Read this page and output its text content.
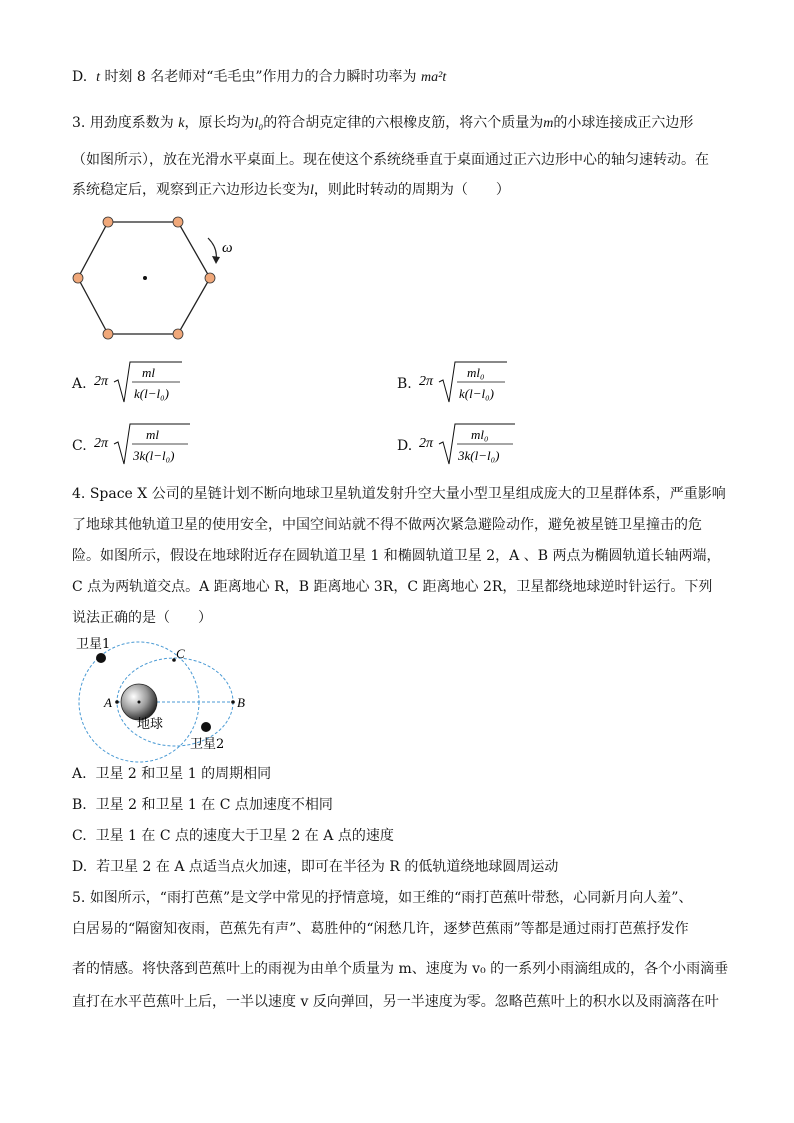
D. t 时刻 8 名老师对“毛毛虫”作用力的合力瞬时功率为 ma²t
3. 用劲度系数为 k，原长均为l₀的符合胡克定律的六根橡皮筋，将六个质量为m的小球连接成正六边形
（如图所示），放在光滑水平桌面上。现在使这个系统绕垂直于桌面通过正六边形中心的轴匀速转动。在
系统稳定后，观察到正六边形边长变为l，则此时转动的周期为（　　）
ω
A. 2π
ml
k(l−l₀)
B. 2π
ml₀
k(l−l₀)
C. 2π
ml
3k(l−l₀)
D. 2π
ml₀
3k(l−l₀)
4. Space X 公司的星链计划不断向地球卫星轨道发射升空大量小型卫星组成庞大的卫星群体系，严重影响
了地球其他轨道卫星的使用安全，中国空间站就不得不做两次紧急避险动作，避免被星链卫星撞击的危
险。如图所示，假设在地球附近存在圆轨道卫星 1 和椭圆轨道卫星 2，A 、B 两点为椭圆轨道长轴两端，
C 点为两轨道交点。A 距离地心 R，B 距离地心 3R，C 距离地心 2R，卫星都绕地球逆时针运行。下列
说法正确的是（　　）
卫星1
卫星2
地球
A	B
C
A. 卫星 2 和卫星 1 的周期相同
B. 卫星 2 和卫星 1 在 C 点加速度不相同
C. 卫星 1 在 C 点的速度大于卫星 2 在 A 点的速度
D. 若卫星 2 在 A 点适当点火加速，即可在半径为 R 的低轨道绕地球圆周运动
5. 如图所示，“雨打芭蕉”是文学中常见的抒情意境，如王维的“雨打芭蕉叶带愁，心同新月向人羞”、
白居易的“隔窗知夜雨，芭蕉先有声”、葛胜仲的“闲愁几许，逐梦芭蕉雨”等都是通过雨打芭蕉抒发作
者的情感。将快落到芭蕉叶上的雨视为由单个质量为 m、速度为 v₀ 的一系列小雨滴组成的，各个小雨滴垂
直打在水平芭蕉叶上后，一半以速度 v 反向弹回，另一半速度为零。忽略芭蕉叶上的积水以及雨滴落在叶
